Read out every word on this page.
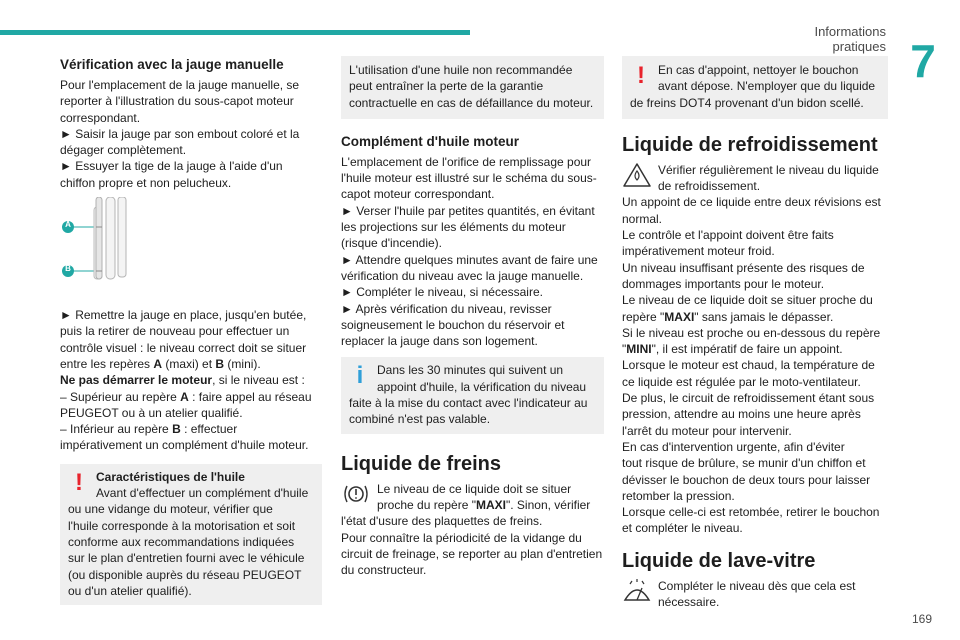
Informations pratiques 7
169
Vérification avec la jauge manuelle

Pour l'emplacement de la jauge manuelle, se

reporter à l'illustration du sous-capot moteur

correspondant.

► Saisir la jauge par son embout coloré et la

dégager complètement.

► Essuyer la tige de la jauge à l'aide d'un

chiffon propre et non pelucheux.

A
B

► Remettre la jauge en place, jusqu'en butée,

puis la retirer de nouveau pour effectuer un

contrôle visuel : le niveau correct doit se situer

entre les repères A (maxi) et B (mini).

Ne pas démarrer le moteur, si le niveau est :

– Supérieur au repère A : faire appel au réseau

PEUGEOT ou à un atelier qualifié.

– Inférieur au repère B : effectuer

impérativement un complément d'huile moteur.

!	Caractéristiques de l'huile

Avant d'effectuer un complément d'huile

ou une vidange du moteur, vérifier que

l'huile corresponde à la motorisation et soit

conforme aux recommandations indiquées

sur le plan d'entretien fourni avec le véhicule

(ou disponible auprès du réseau PEUGEOT

ou d'un atelier qualifié).

L'utilisation d'une huile non recommandée

peut entraîner la perte de la garantie

contractuelle en cas de défaillance du moteur.

Complément d'huile moteur

L'emplacement de l'orifice de remplissage pour

l'huile moteur est illustré sur le schéma du sous-

capot moteur correspondant.

► Verser l'huile par petites quantités, en évitant

les projections sur les éléments du moteur

(risque d'incendie).

► Attendre quelques minutes avant de faire une

vérification du niveau avec la jauge manuelle.

► Compléter le niveau, si nécessaire.

► Après vérification du niveau, revisser

soigneusement le bouchon du réservoir et

replacer la jauge dans son logement.

i	Dans les 30 minutes qui suivent un

appoint d'huile, la vérification du niveau

faite à la mise du contact avec l'indicateur au

combiné n'est pas valable.

Liquide de freins

Le niveau de ce liquide doit se situer

proche du repère "MAXI". Sinon, vérifier

l'état d'usure des plaquettes de freins.

Pour connaître la périodicité de la vidange du

circuit de freinage, se reporter au plan d'entretien

du constructeur.

!	En cas d'appoint, nettoyer le bouchon

avant dépose. N'employer que du liquide

de freins DOT4 provenant d'un bidon scellé.

Liquide de refroidissement

Vérifier régulièrement le niveau du liquide

de refroidissement.

Un appoint de ce liquide entre deux révisions est

normal.

Le contrôle et l'appoint doivent être faits

impérativement moteur froid.

Un niveau insuffisant présente des risques de

dommages importants pour le moteur.

Le niveau de ce liquide doit se situer proche du

repère "MAXI" sans jamais le dépasser.

Si le niveau est proche ou en-dessous du repère

"MINI", il est impératif de faire un appoint.

Lorsque le moteur est chaud, la température de

ce liquide est régulée par le moto-ventilateur.

De plus, le circuit de refroidissement étant sous

pression, attendre au moins une heure après

l'arrêt du moteur pour intervenir.

En cas d'intervention urgente, afin d'éviter

tout risque de brûlure, se munir d'un chiffon et

dévisser le bouchon de deux tours pour laisser

retomber la pression.

Lorsque celle-ci est retombée, retirer le bouchon

et compléter le niveau.

Liquide de lave-vitre

Compléter le niveau dès que cela est

nécessaire.
